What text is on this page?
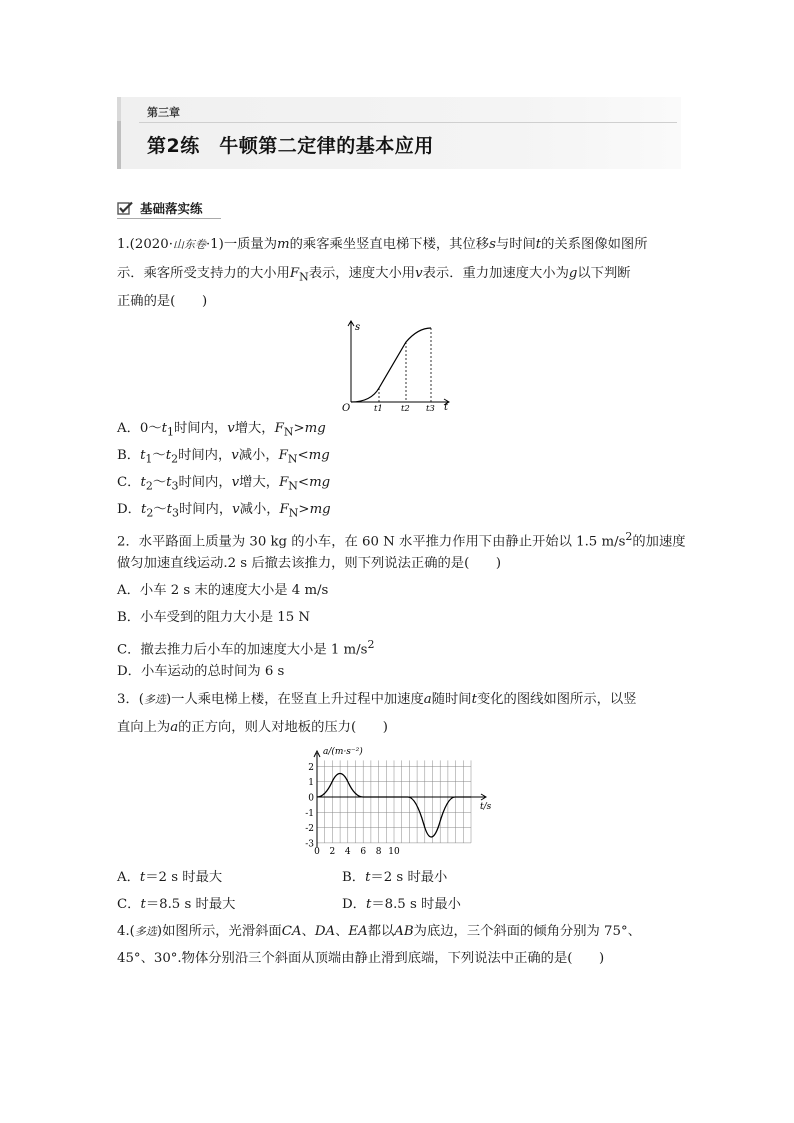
第三章
第2练　牛顿第二定律的基本应用
基础落实练
1.(2020·山东卷·1)一质量为m的乘客乘坐竖直电梯下楼，其位移s与时间t的关系图像如图所
示．乘客所受支持力的大小用$F_N$表示，速度大小用v表示．重力加速度大小为g以下判断
正确的是(　　)
s
t
O	t1 t2 t3
A．$0\sim t_1$时间内，v增大，$F_N>mg$
B．$t_1\sim t_2$时间内，v减小，$F_N<mg$
C．$t_2\sim t_3$时间内，v增大，$F_N<mg$
D．$t_2\sim t_3$时间内，v减小，$F_N>mg$
2．水平路面上质量为 30 kg 的小车，在 60 N 水平推力作用下由静止开始以 1.5 $m/s^2$的加速度
做匀加速直线运动.2 s 后撤去该推力，则下列说法正确的是(　　)
A．小车 2 s 末的速度大小是 4 m/s
B．小车受到的阻力大小是 15 N
C．撤去推力后小车的加速度大小是 1 $m/s^2$
D．小车运动的总时间为 6 s
3．(多选)一人乘电梯上楼，在竖直上升过程中加速度a随时间t变化的图线如图所示，以竖
直向上为a的正方向，则人对地板的压力(　　)
a/(m·s⁻²)
t/s
2
1
0
-1
-2
-3
0 2 4 6 8 10
A．t＝2 s 时最大	B．t＝2 s 时最小
C．t＝8.5 s 时最大	D．t＝8.5 s 时最小
4.(多选)如图所示，光滑斜面CA、DA、EA都以AB为底边，三个斜面的倾角分别为 75°、
45°、30°.物体分别沿三个斜面从顶端由静止滑到底端，下列说法中正确的是(　　)
